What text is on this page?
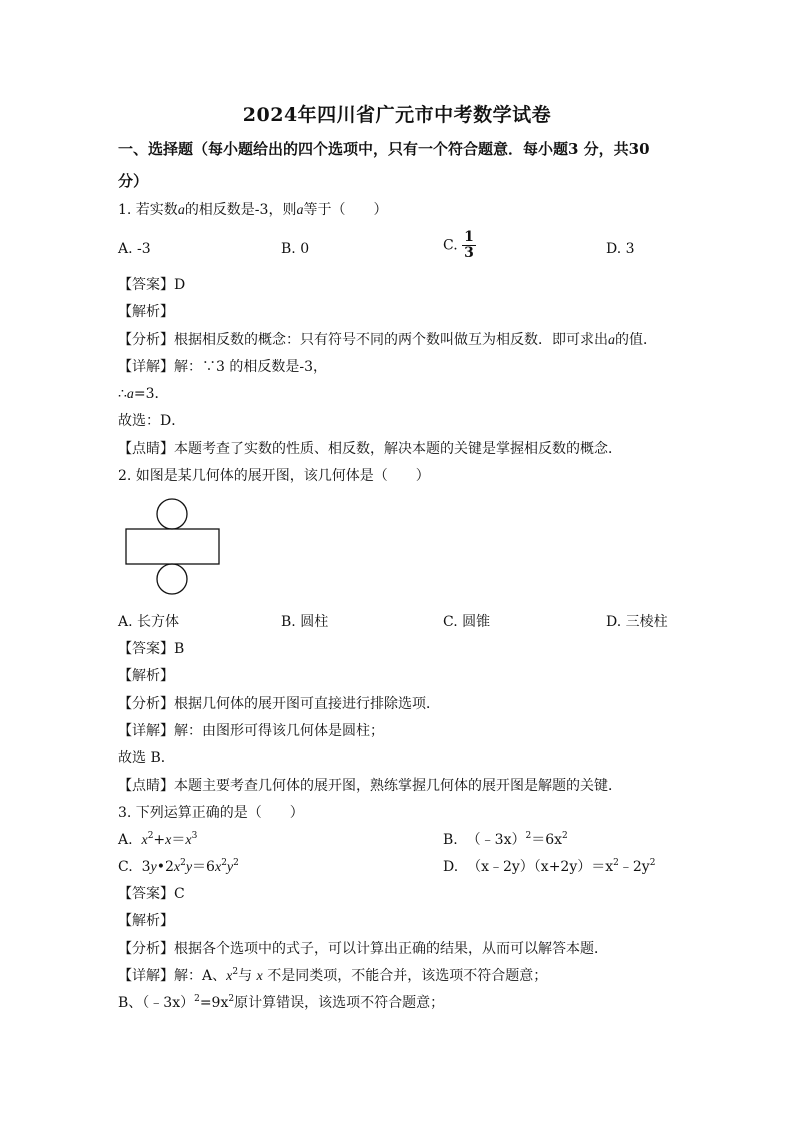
2024年四川省广元市中考数学试卷
一、选择题（每小题给出的四个选项中，只有一个符合题意．每小题3 分，共30
分）
1. 若实数a的相反数是-3，则a等于（　　）
A. -3	B. 0	C. $\frac{1}{3}$	D. 3
【答案】D
【解析】
【分析】根据相反数的概念：只有符号不同的两个数叫做互为相反数．即可求出a的值．
【详解】解：∵3 的相反数是-3，
∴a=3．
故选：D．
【点睛】本题考查了实数的性质、相反数，解决本题的关键是掌握相反数的概念．
2. 如图是某几何体的展开图，该几何体是（　　）
A. 长方体	B. 圆柱	C. 圆锥	D. 三棱柱
【答案】B
【解析】
【分析】根据几何体的展开图可直接进行排除选项．
【详解】解：由图形可得该几何体是圆柱；
故选 B．
【点睛】本题主要考查几何体的展开图，熟练掌握几何体的展开图是解题的关键．
3. 下列运算正确的是（　　）
A. $x^2+x=x^3$	B. $(﹣3x)^2=6x^2$
C.  $3y•2x^2y=6x^2y^2$	D. $(x﹣2y)(x+2y)=x^2﹣2y^2$
【答案】C
【解析】
【分析】根据各个选项中的式子，可以计算出正确的结果，从而可以解答本题．
【详解】解：A、$x^2$与 x 不是同类项，不能合并，该选项不符合题意；
B、$(﹣3x)^2=9x^2$原计算错误，该选项不符合题意；
